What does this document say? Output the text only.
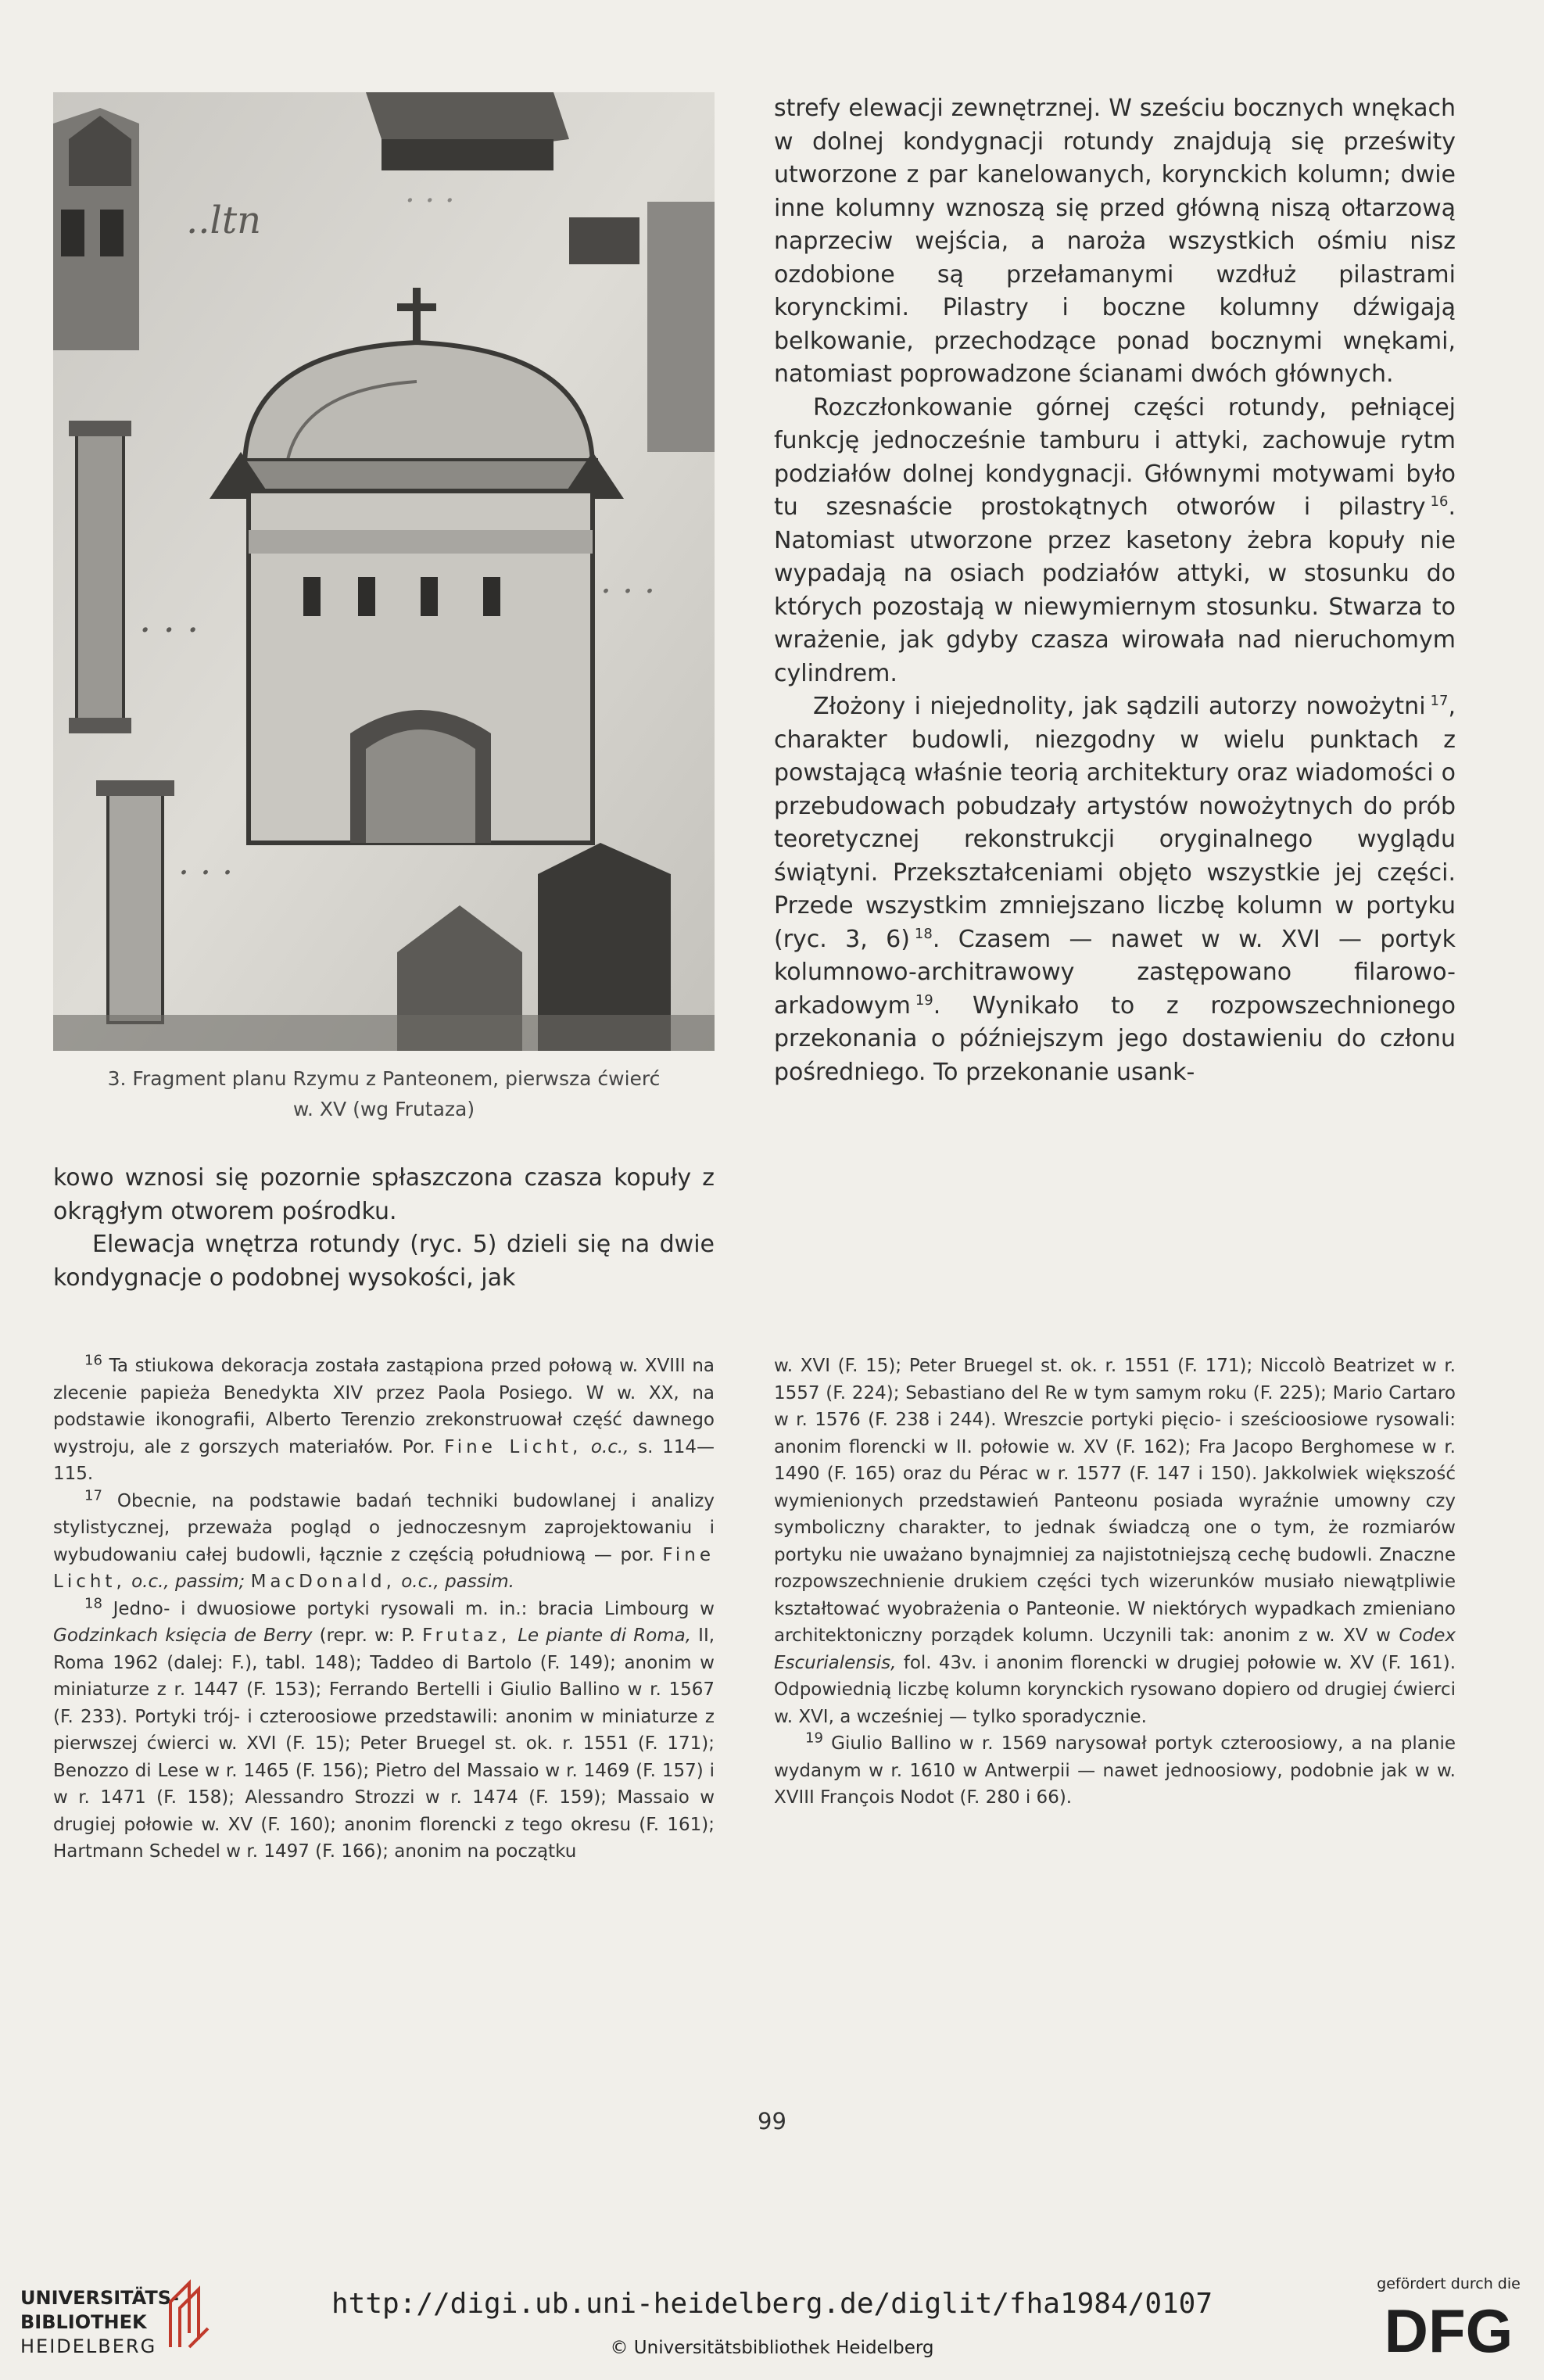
..ltn
. . .
. . .
. . .
. . .
3. Fragment planu Rzymu z Panteonem, pierwsza ćwierć
w. XV (wg Frutaza)

kowo wznosi się pozornie spłaszczona czasza kopuły z okrągłym otworem pośrodku.

Elewacja wnętrza rotundy (ryc. 5) dzieli się na dwie kondygnacje o podobnej wysokości, jak

strefy elewacji zewnętrznej. W sześciu bocznych wnękach w dolnej kondygnacji rotundy znajdują się prześwity utworzone z par kanelowanych, korynckich kolumn; dwie inne kolumny wznoszą się przed główną niszą ołtarzową naprzeciw wejścia, a naroża wszystkich ośmiu nisz ozdobione są przełamanymi wzdłuż pilastrami korynckimi. Pilastry i boczne kolumny dźwigają belkowanie, przechodzące ponad bocznymi wnękami, natomiast poprowadzone ścianami dwóch głównych.

Rozczłonkowanie górnej części rotundy, pełniącej funkcję jednocześnie tamburu i attyki, zachowuje rytm podziałów dolnej kondygnacji. Głównymi motywami było tu szesnaście prostokątnych otworów i pilastry  $^{16}$. Natomiast utworzone przez kasetony żebra kopuły nie wypadają na osiach podziałów attyki, w stosunku do których pozostają w niewymiernym stosunku. Stwarza to wrażenie, jak gdyby czasza wirowała nad nieruchomym cylindrem.

Złożony i niejednolity, jak sądzili autorzy nowożytni  $^{17}$, charakter budowli, niezgodny w wielu punktach z powstającą właśnie teorią architektury oraz wiadomości o przebudowach pobudzały artystów nowożytnych do prób teoretycznej rekonstrukcji oryginalnego wyglądu świątyni. Przekształceniami objęto wszystkie jej części. Przede wszystkim zmniejszano liczbę kolumn w portyku (ryc. 3, 6)  $^{18}$. Czasem — nawet w w. XVI — portyk kolumnowo-architrawowy zastępowano filarowo-arkadowym  $^{19}$. Wynikało to z rozpowszechnionego przekonania o późniejszym jego dostawieniu do członu pośredniego. To przekonanie usank-

$^{16}$ Ta stiukowa dekoracja została zastąpiona przed połową w. XVIII na zlecenie papieża Benedykta XIV przez Paola Posiego. W w. XX, na podstawie ikonografii, Alberto Terenzio zrekonstruował część dawnego wystroju, ale z gorszych materiałów. Por. Fine Licht, o.c., s. 114—115.

$^{17}$ Obecnie, na podstawie badań techniki budowlanej i analizy stylistycznej, przeważa pogląd o jednoczesnym zaprojektowaniu i wybudowaniu całej budowli, łącznie z częścią południową — por. Fine Licht, o.c., passim; MacDonald, o.c., passim.

$^{18}$ Jedno- i dwuosiowe portyki rysowali m. in.: bracia Limbourg w Godzinkach księcia de Berry (repr. w: P. Frutaz, Le piante di Roma, II, Roma 1962 (dalej: F.), tabl. 148); Taddeo di Bartolo (F. 149); anonim w miniaturze z r. 1447 (F. 153); Ferrando Bertelli i Giulio Ballino w r. 1567 (F. 233). Portyki trój- i czteroosiowe przedstawili: anonim w miniaturze z pierwszej ćwierci w. XVI (F. 15); Peter Bruegel st. ok. r. 1551 (F. 171); Benozzo di Lese w r. 1465 (F. 156); Pietro del Massaio w r. 1469 (F. 157) i w r. 1471 (F. 158); Alessandro Strozzi w r. 1474 (F. 159); Massaio w drugiej połowie w. XV (F. 160); anonim florencki z tego okresu (F. 161); Hartmann Schedel w r. 1497 (F. 166); anonim na początku

w. XVI (F. 15); Peter Bruegel st. ok. r. 1551 (F. 171); Niccolò Beatrizet w r. 1557 (F. 224); Sebastiano del Re w tym samym roku (F. 225); Mario Cartaro w r. 1576 (F. 238 i 244). Wreszcie portyki pięcio- i sześcioosiowe rysowali: anonim florencki w II. połowie w. XV (F. 162); Fra Jacopo Berghomese w r. 1490 (F. 165) oraz du Pérac w r. 1577 (F. 147 i 150). Jakkolwiek większość wymienionych przedstawień Panteonu posiada wyraźnie umowny czy symboliczny charakter, to jednak świadczą one o tym, że rozmiarów portyku nie uważano bynajmniej za najistotniejszą cechę budowli. Znaczne rozpowszechnienie drukiem części tych wizerunków musiało niewątpliwie kształtować wyobrażenia o Panteonie. W niektórych wypadkach zmieniano architektoniczny porządek kolumn. Uczynili tak: anonim z w. XV w Codex Escurialensis, fol. 43v. i anonim florencki w drugiej połowie w. XV (F. 161). Odpowiednią liczbę kolumn korynckich rysowano dopiero od drugiej ćwierci w. XVI, a wcześniej — tylko sporadycznie.

$^{19}$ Giulio Ballino w r. 1569 narysował portyk czteroosiowy, a na planie wydanym w r. 1610 w Antwerpii — nawet jednoosiowy, podobnie jak w w. XVIII François Nodot (F. 280 i 66).

99
UNIVERSITÄTS-
BIBLIOTHEK
HEIDELBERG
http://digi.ub.uni-heidelberg.de/diglit/fha1984/0107
© Universitätsbibliothek Heidelberg
gefördert durch die
DFG
